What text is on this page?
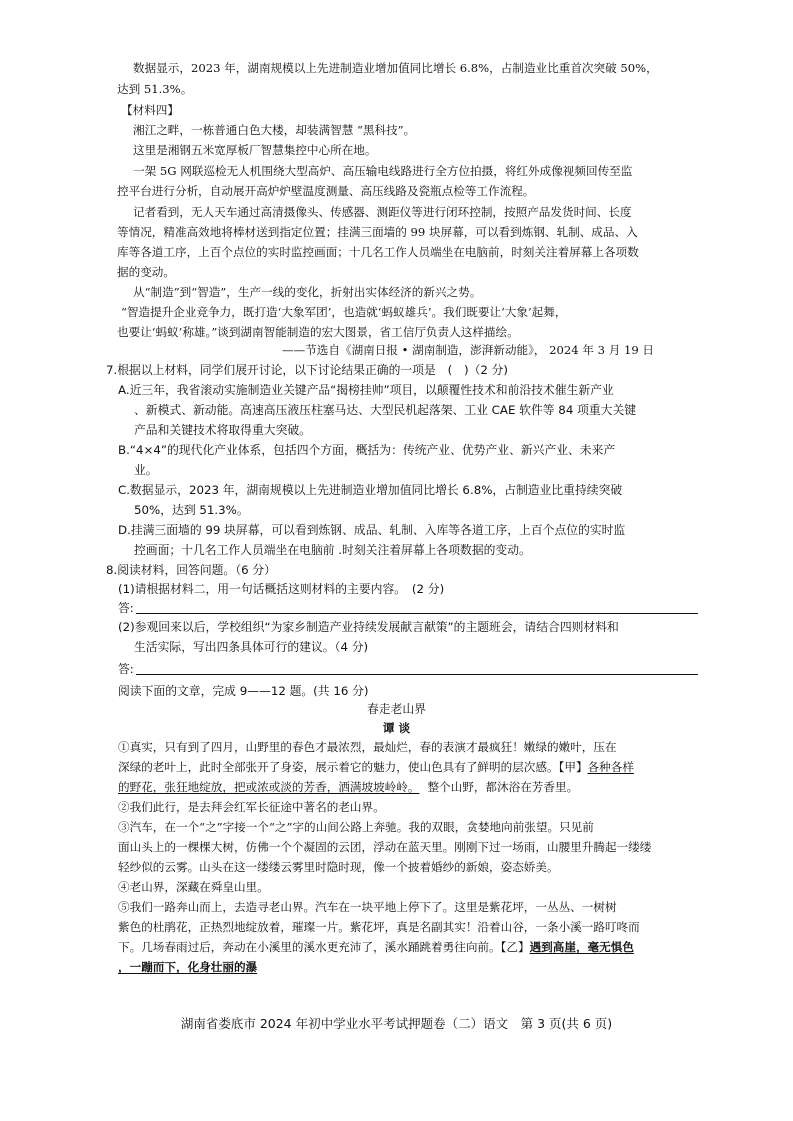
数据显示，2023 年，湖南规模以上先进制造业增加值同比增长 6.8%，占制造业比重首次突破 50%，
达到 51.3%。
【材料四】
湘江之畔，一栋普通白色大楼，却装满智慧 “黑科技”。
这里是湘钢五米宽厚板厂智慧集控中心所在地。
一架 5G 网联巡检无人机围绕大型高炉、高压输电线路进行全方位拍摄，将红外成像视频回传至监
控平台进行分析，自动展开高炉炉壁温度测量、高压线路及瓷瓶点检等工作流程。
记者看到，无人天车通过高清摄像头、传感器、测距仪等进行闭环控制，按照产品发货时间、长度
等情况，精准高效地将棒材送到指定位置；挂满三面墙的 99 块屏幕，可以看到炼钢、轧制、成品、入
库等各道工序，上百个点位的实时监控画面；十几名工作人员端坐在电脑前，时刻关注着屏幕上各项数
据的变动。
从“制造”到“智造”，生产一线的变化，折射出实体经济的新兴之势。
“智造提升企业竞争力，既打造‘大象军团’，也造就‘蚂蚁雄兵’。我们既要让‘大象’起舞，
也要让‘蚂蚁’称雄。”谈到湖南智能制造的宏大图景，省工信厅负责人这样描绘。
——节选自《湖南日报 • 湖南制造，澎湃新动能》， 2024 年 3 月 19 日
7.根据以上材料，同学们展开讨论，以下讨论结果正确的一项是　(　)（2 分)
A.近三年，我省滚动实施制造业关键产品“揭榜挂帅”项目，以颠覆性技术和前沿技术催生新产业
、新模式、新动能。高速高压液压柱塞马达、大型民机起落架、工业 CAE 软件等 84 项重大关键
产品和关键技术将取得重大突破。
B.“4×4”的现代化产业体系，包括四个方面，概括为：传统产业、优势产业、新兴产业、未来产
业。
C.数据显示，2023 年，湖南规模以上先进制造业增加值同比增长 6.8%，占制造业比重持续突破
50%，达到 51.3%。
D.挂满三面墙的 99 块屏幕，可以看到炼钢、成品、轧制、入库等各道工序，上百个点位的实时监
控画面；十几名工作人员端坐在电脑前 .时刻关注着屏幕上各项数据的变动。
8.阅读材料，回答问题。（6 分）
(1)请根据材料二，用一句话概括这则材料的主要内容。　(2 分)
答:
(2)参观回来以后，学校组织“为家乡制造产业持续发展献言献策”的主题班会，请结合四则材料和
生活实际，写出四条具体可行的建议。（4 分)
答:
阅读下面的文章，完成 9——12 题。(共 16 分)
春走老山界
谭 谈
①真实，只有到了四月，山野里的春色才最浓烈，最灿烂，春的表演才最疯狂！嫩绿的嫩叶，压在
深绿的老叶上，此时全部张开了身姿，展示着它的魅力，使山色具有了鲜明的层次感。【甲】各种各样
的野花，张狂地绽放，把或浓或淡的芳香，洒满坡坡岭岭。 整个山野，都沐浴在芳香里。
②我们此行，是去拜会红军长征途中著名的老山界。
③汽车，在一个“之”字接一个“之”字的山间公路上奔驰。我的双眼，贪婪地向前张望。只见前
面山头上的一棵棵大树，仿佛一个个凝固的云团，浮动在蓝天里。刚刚下过一场雨，山腰里升腾起一缕缕
轻纱似的云雾。山头在这一缕缕云雾里时隐时现，像一个披着婚纱的新娘，姿态娇美。
④老山界，深藏在舜皇山里。
⑤我们一路奔山而上，去造寻老山界。汽车在一块平地上停下了。这里是紫花坪，一丛丛、一树树
紫色的杜鹃花，正热烈地绽放着，璀璨一片。紫花坪，真是名副其实！沿着山谷，一条小溪一路叮咚而
下。几场春雨过后，奔动在小溪里的溪水更充沛了，溪水踊跳着勇往向前。【乙】遇到高崖，毫无惧色
，一蹦而下，化身壮丽的瀑
湖南省娄底市 2024 年初中学业水平考试押题卷（二）语文　第 3 页(共 6 页)
